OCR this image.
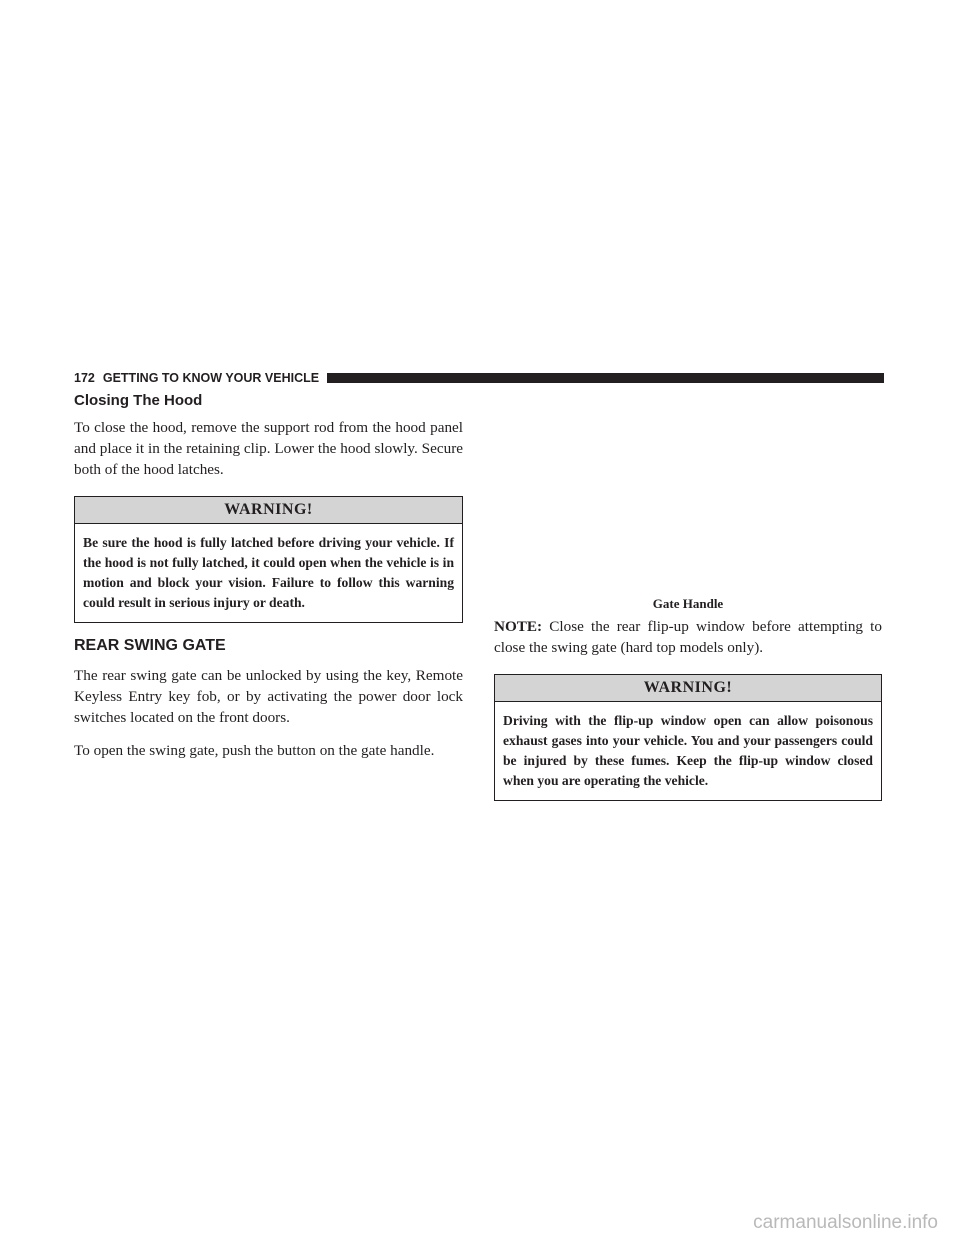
172 GETTING TO KNOW YOUR VEHICLE
Closing The Hood

To close the hood, remove the support rod from the hood panel and place it in the retaining clip. Lower the hood slowly. Secure both of the hood latches.

WARNING!
Be sure the hood is fully latched before driving your vehicle. If the hood is not fully latched, it could open when the vehicle is in motion and block your vision. Failure to follow this warning could result in serious injury or death.
REAR SWING GATE

The rear swing gate can be unlocked by using the key, Remote Keyless Entry key fob, or by activating the power door lock switches located on the front doors.

To open the swing gate, push the button on the gate handle.

Gate Handle

NOTE: Close the rear flip-up window before attempting to close the swing gate (hard top models only).

WARNING!
Driving with the flip-up window open can allow poisonous exhaust gases into your vehicle. You and your passengers could be injured by these fumes. Keep the flip-up window closed when you are operating the vehicle.
carmanualsonline.info
